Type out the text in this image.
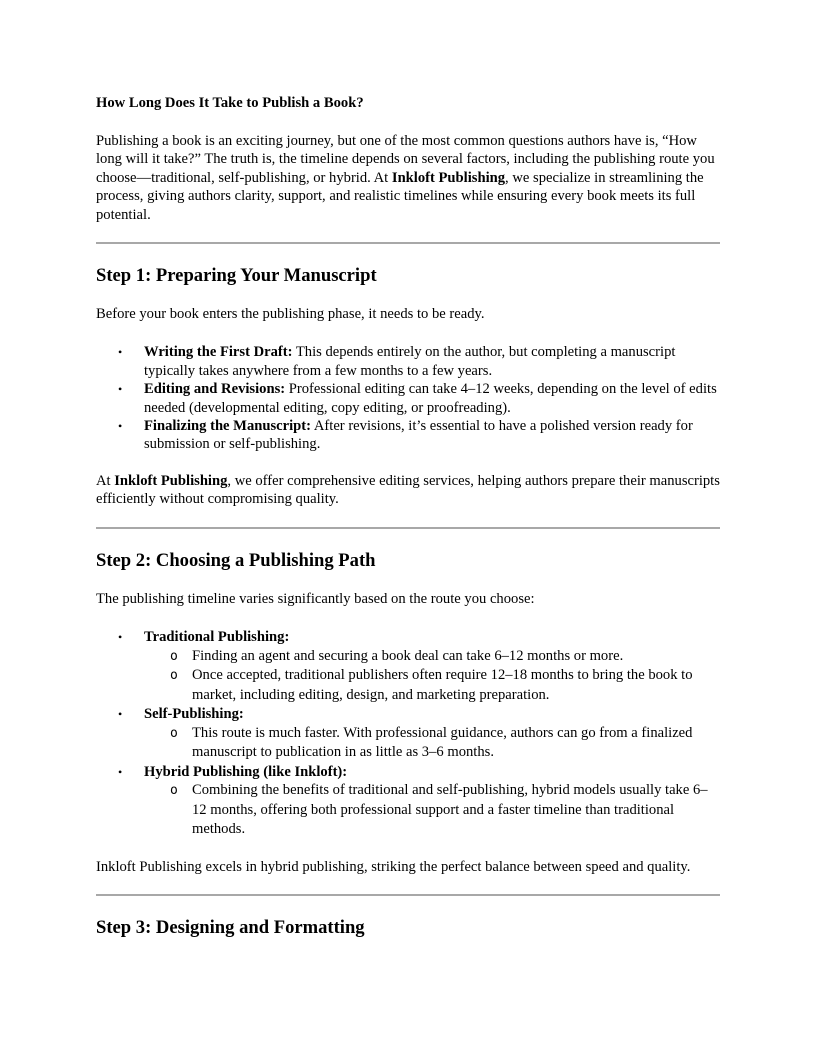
How Long Does It Take to Publish a Book?

Publishing a book is an exciting journey, but one of the most common questions authors have is, “How long will it take?” The truth is, the timeline depends on several factors, including the publishing route you choose—traditional, self-publishing, or hybrid. At Inkloft Publishing, we specialize in streamlining the process, giving authors clarity, support, and realistic timelines while ensuring every book meets its full potential.

Step 1: Preparing Your Manuscript

Before your book enters the publishing phase, it needs to be ready.

• Writing the First Draft: This depends entirely on the author, but completing a manuscript typically takes anywhere from a few months to a few years.
• Editing and Revisions: Professional editing can take 4–12 weeks, depending on the level of edits needed (developmental editing, copy editing, or proofreading).
• Finalizing the Manuscript: After revisions, it’s essential to have a polished version ready for submission or self-publishing.

At Inkloft Publishing, we offer comprehensive editing services, helping authors prepare their manuscripts efficiently without compromising quality.

Step 2: Choosing a Publishing Path

The publishing timeline varies significantly based on the route you choose:

• Traditional Publishing:
o Finding an agent and securing a book deal can take 6–12 months or more.
o Once accepted, traditional publishers often require 12–18 months to bring the book to market, including editing, design, and marketing preparation.
• Self-Publishing:
o This route is much faster. With professional guidance, authors can go from a finalized manuscript to publication in as little as 3–6 months.
• Hybrid Publishing (like Inkloft):
o Combining the benefits of traditional and self-publishing, hybrid models usually take 6–12 months, offering both professional support and a faster timeline than traditional methods.

Inkloft Publishing excels in hybrid publishing, striking the perfect balance between speed and quality.

Step 3: Designing and Formatting
